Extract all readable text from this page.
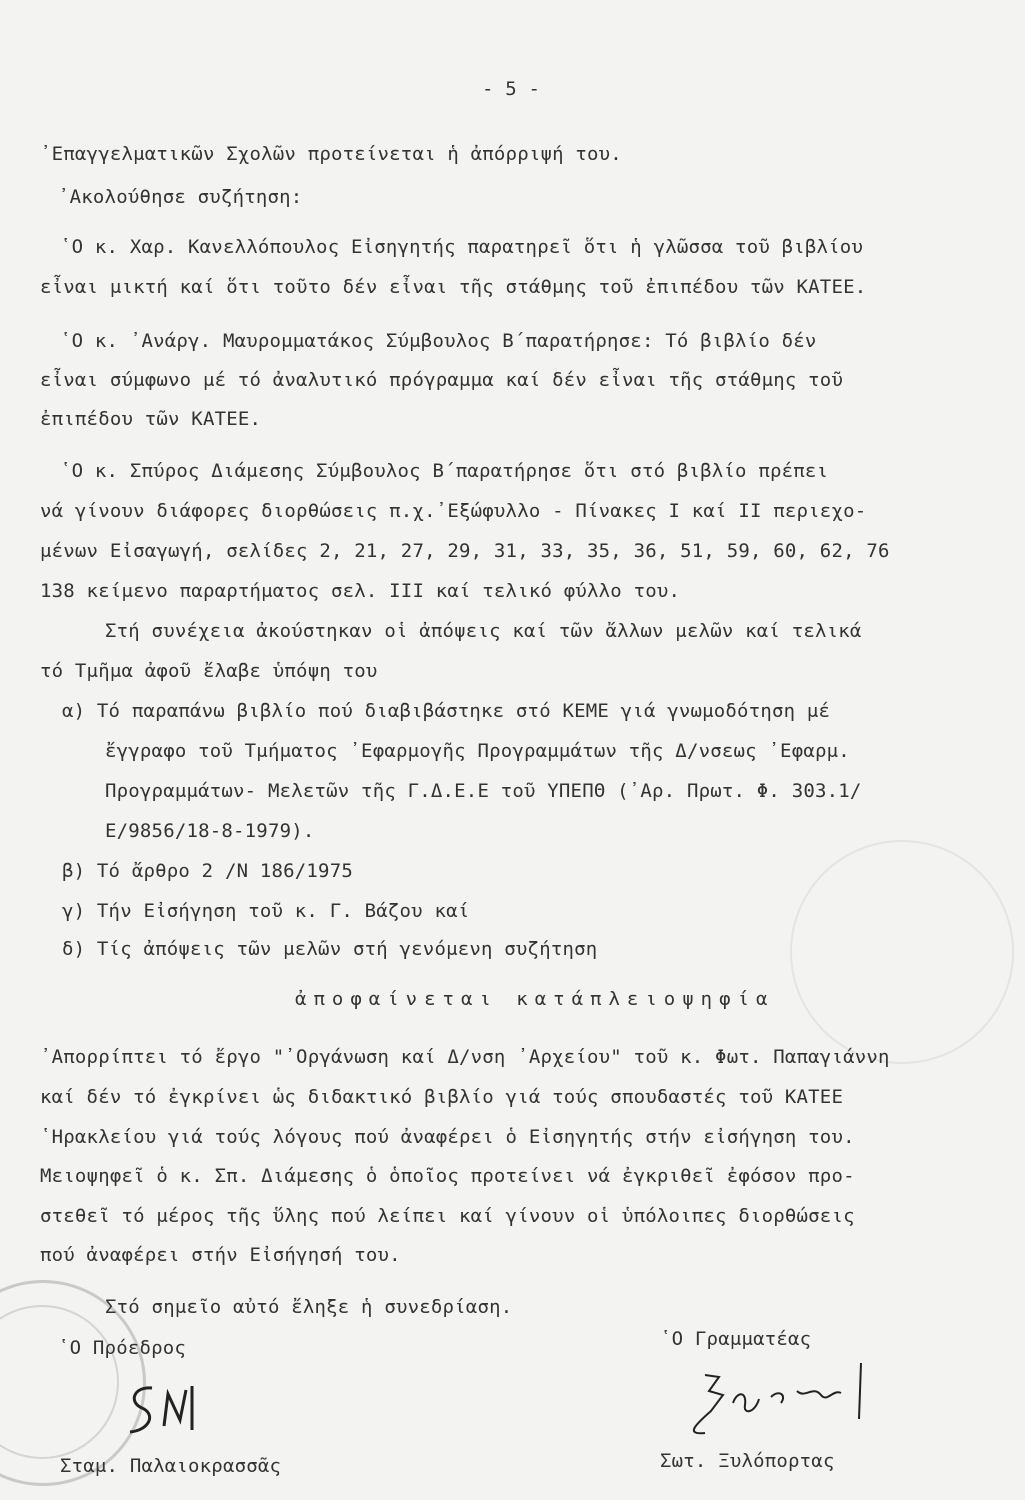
- 5 -
᾽Επαγγελματικῶν Σχολῶν προτείνεται ἡ ἀπόρριψή του.
᾽Ακολούθησε συζήτηση:
῾Ο κ. Χαρ. Κανελλόπουλος Εἰσηγητής παρατηρεῖ ὅτι ἡ γλῶσσα τοῦ βιβλίου
εἶναι μικτή καί ὅτι τοῦτο δέν εἶναι τῆς στάθμης τοῦ ἐπιπέδου τῶν ΚΑΤΕΕ.
῾Ο κ. ᾽Ανάργ. Μαυρομματάκος Σύμβουλος Β΄παρατήρησε: Τό βιβλίο δέν
εἶναι σύμφωνο μέ τό ἀναλυτικό πρόγραμμα καί δέν εἶναι τῆς στάθμης τοῦ
ἐπιπέδου τῶν ΚΑΤΕΕ.
῾Ο κ. Σπύρος Διάμεσης Σύμβουλος Β΄παρατήρησε ὅτι στό βιβλίο πρέπει
νά γίνουν διάφορες διορθώσεις π.χ.᾽Εξώφυλλο - Πίνακες Ι καί ΙΙ περιεχο-
μένων Εἰσαγωγή, σελίδες 2, 21, 27, 29, 31, 33, 35, 36, 51, 59, 60, 62, 76
138 κείμενο παραρτήματος σελ. ΙΙΙ καί τελικό φύλλο του.
Στή συνέχεια ἀκούστηκαν οἱ ἀπόψεις καί τῶν ἄλλων μελῶν καί τελικά
τό Τμῆμα ἀφοῦ ἔλαβε ὑπόψη του
α) Τό παραπάνω βιβλίο πού διαβιβάστηκε στό ΚΕΜΕ γιά γνωμοδότηση μέ
ἔγγραφο τοῦ Τμήματος ᾽Εφαρμογῆς Προγραμμάτων τῆς Δ/νσεως ᾽Εφαρμ.
Προγραμμάτων- Μελετῶν τῆς Γ.Δ.Ε.Ε τοῦ ΥΠΕΠΘ (᾽Αρ. Πρωτ. Φ. 303.1/
Ε/9856/18-8-1979).
β) Τό ἄρθρο 2 /Ν 186/1975
γ) Τήν Εἰσήγηση τοῦ κ. Γ. Βάζου καί
δ) Τίς ἀπόψεις τῶν μελῶν στή γενόμενη συζήτηση
ἀποφαίνεται κατάπλειοψηφία
᾽Απορρίπτει τό ἔργο "᾽Οργάνωση καί Δ/νση ᾽Αρχείου" τοῦ κ. Φωτ. Παπαγιάννη
καί δέν τό ἐγκρίνει ὡς διδακτικό βιβλίο γιά τούς σπουδαστές τοῦ ΚΑΤΕΕ
῾Ηρακλείου γιά τούς λόγους πού ἀναφέρει ὁ Εἰσηγητής στήν εἰσήγηση του.
Μειοψηφεῖ ὁ κ. Σπ. Διάμεσης ὁ ὁποῖος προτείνει νά ἐγκριθεῖ ἐφόσον προ-
στεθεῖ τό μέρος τῆς ὕλης πού λείπει καί γίνουν οἱ ὑπόλοιπες διορθώσεις
πού ἀναφέρει στήν Εἰσήγησή του.
Στό σημεῖο αὐτό ἔληξε ἡ συνεδρίαση.
῾Ο Πρόεδρος	῾Ο Γραμματέας
Σταμ. Παλαιοκρασσᾶς	Σωτ. Ξυλόπορτας
